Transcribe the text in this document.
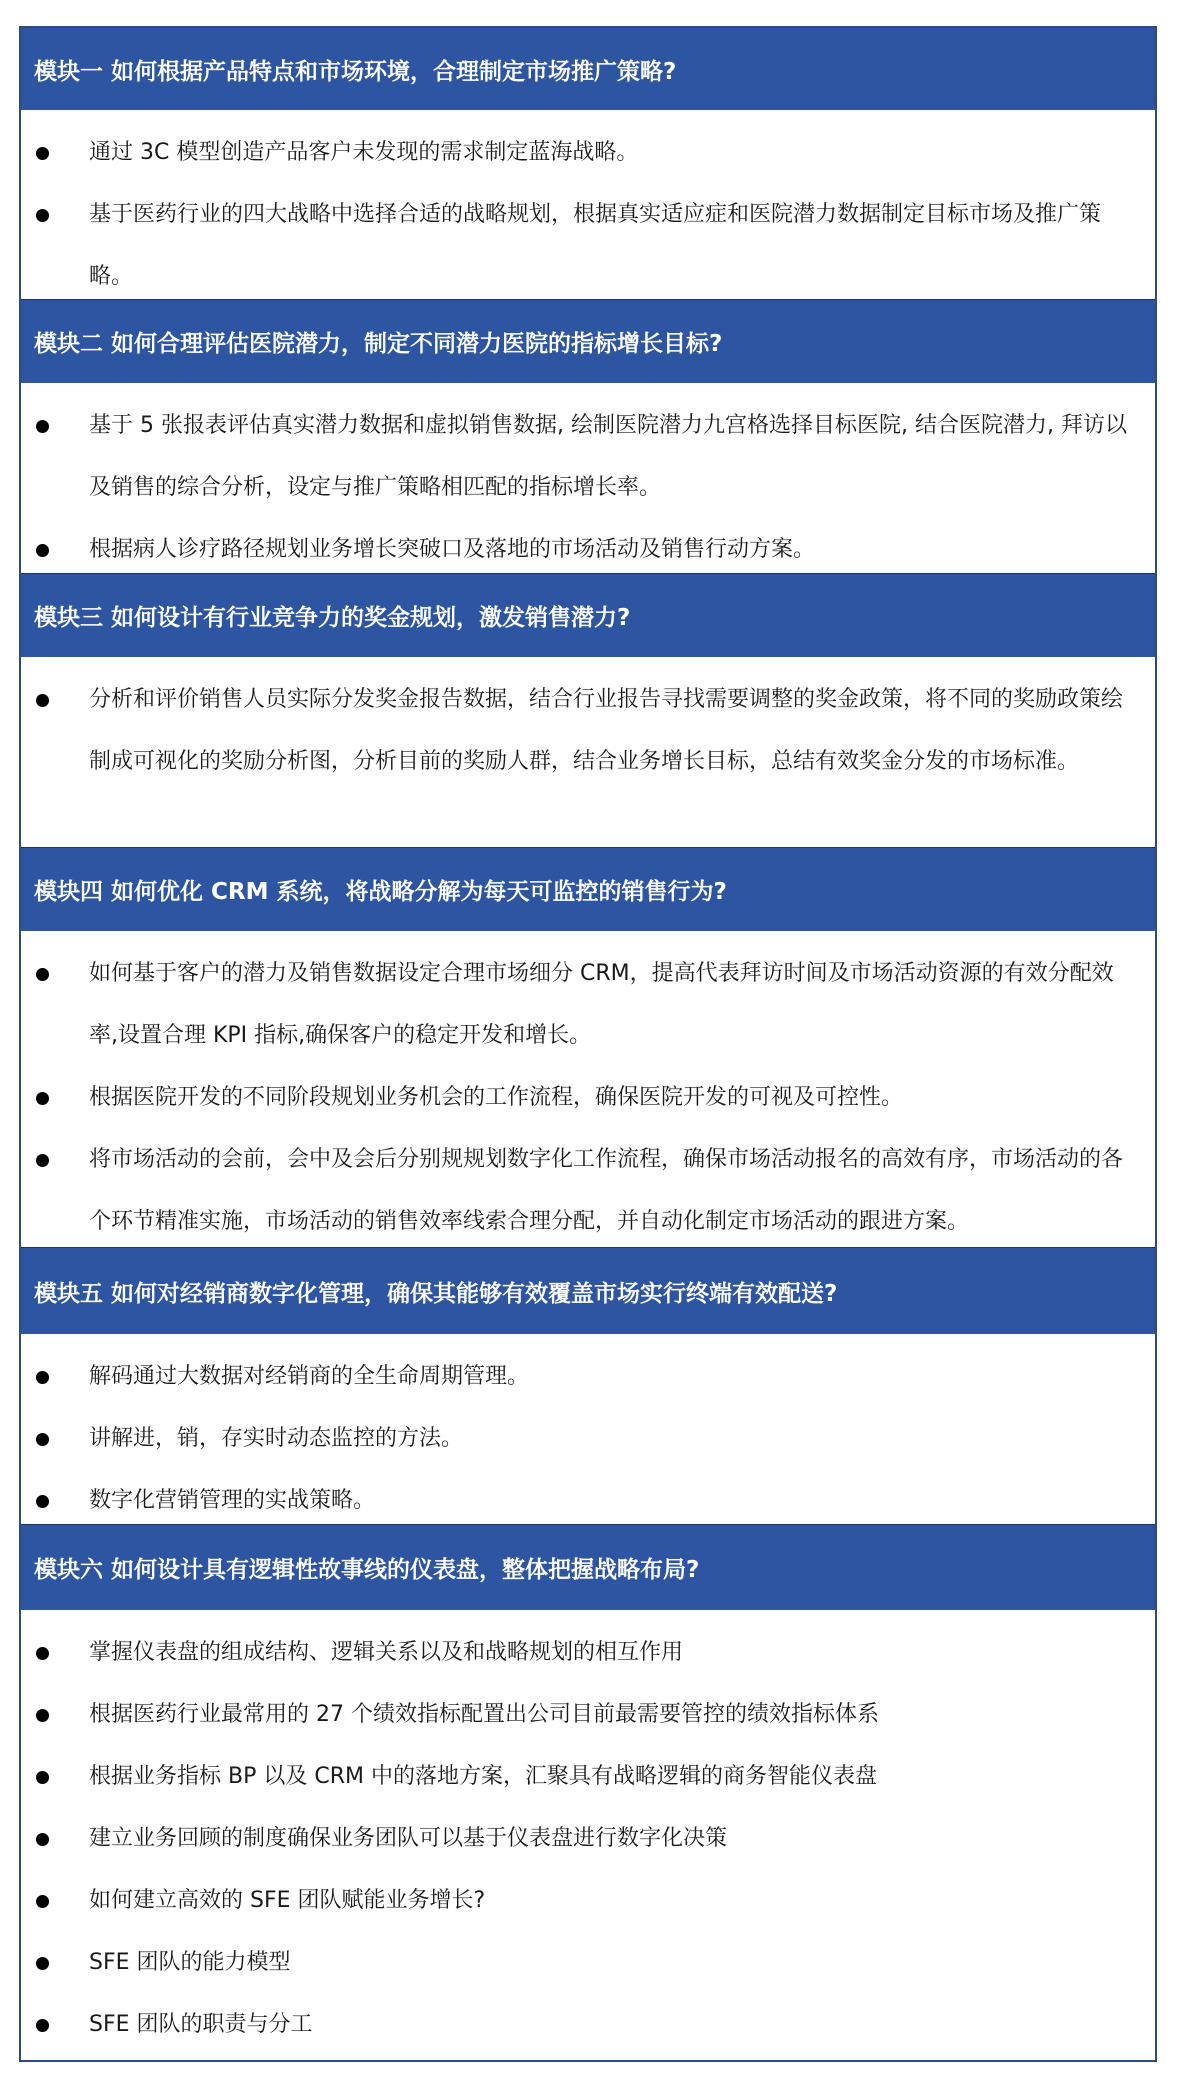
模块一 如何根据产品特点和市场环境，合理制定市场推广策略?
通过 3C 模型创造产品客户未发现的需求制定蓝海战略。
基于医药行业的四大战略中选择合适的战略规划，根据真实适应症和医院潜力数据制定目标市场及推广策略。
模块二 如何合理评估医院潜力，制定不同潜力医院的指标增长目标?
基于 5 张报表评估真实潜力数据和虚拟销售数据, 绘制医院潜力九宫格选择目标医院, 结合医院潜力, 拜访以及销售的综合分析，设定与推广策略相匹配的指标增长率。
根据病人诊疗路径规划业务增长突破口及落地的市场活动及销售行动方案。
模块三 如何设计有行业竞争力的奖金规划，激发销售潜力?
分析和评价销售人员实际分发奖金报告数据，结合行业报告寻找需要调整的奖金政策，将不同的奖励政策绘制成可视化的奖励分析图，分析目前的奖励人群，结合业务增长目标，总结有效奖金分发的市场标准。
模块四 如何优化 CRM 系统，将战略分解为每天可监控的销售行为?
如何基于客户的潜力及销售数据设定合理市场细分 CRM，提高代表拜访时间及市场活动资源的有效分配效率,设置合理 KPI 指标,确保客户的稳定开发和增长。
根据医院开发的不同阶段规划业务机会的工作流程，确保医院开发的可视及可控性。
将市场活动的会前，会中及会后分别规规划数字化工作流程，确保市场活动报名的高效有序，市场活动的各个环节精准实施，市场活动的销售效率线索合理分配，并自动化制定市场活动的跟进方案。
模块五 如何对经销商数字化管理，确保其能够有效覆盖市场实行终端有效配送?
解码通过大数据对经销商的全生命周期管理。
讲解进，销，存实时动态监控的方法。
数字化营销管理的实战策略。
模块六 如何设计具有逻辑性故事线的仪表盘，整体把握战略布局?
掌握仪表盘的组成结构、逻辑关系以及和战略规划的相互作用
根据医药行业最常用的 27 个绩效指标配置出公司目前最需要管控的绩效指标体系
根据业务指标 BP 以及 CRM 中的落地方案，汇聚具有战略逻辑的商务智能仪表盘
建立业务回顾的制度确保业务团队可以基于仪表盘进行数字化决策
如何建立高效的 SFE 团队赋能业务增长?
SFE 团队的能力模型
SFE 团队的职责与分工
